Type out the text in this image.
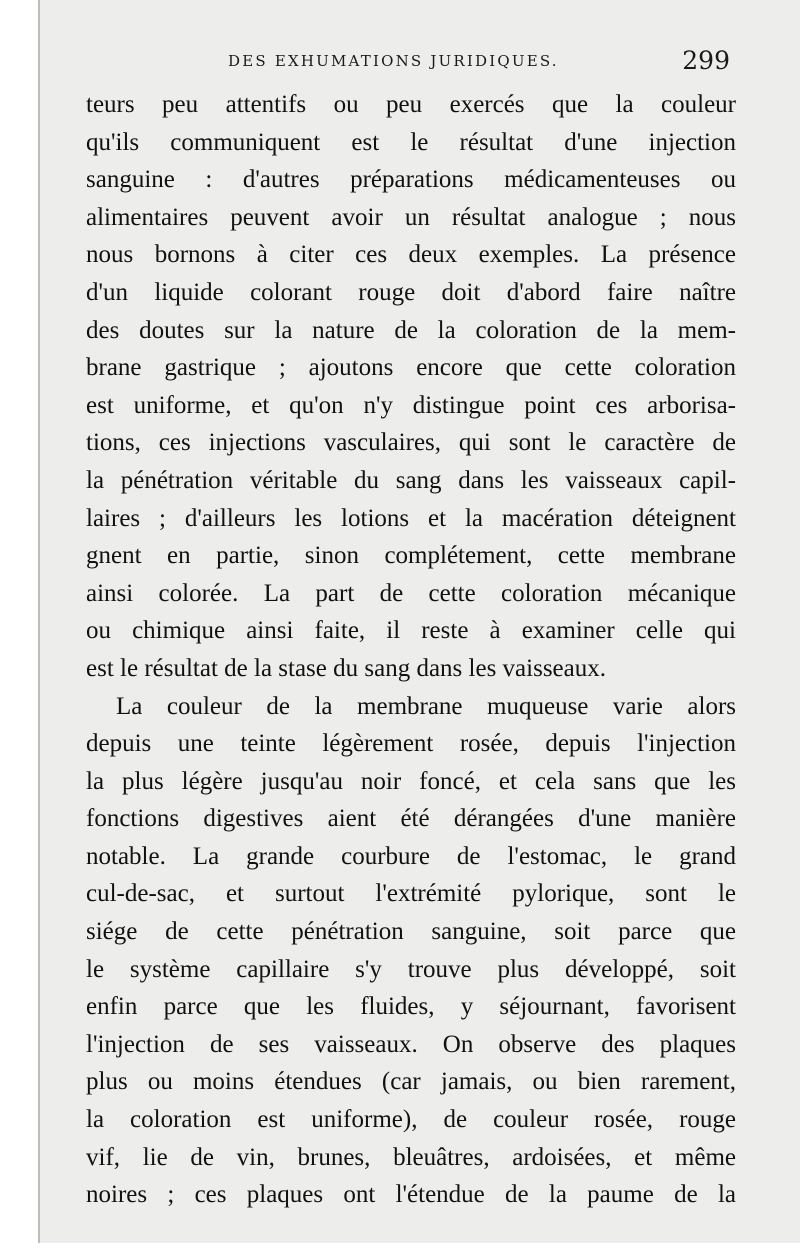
DES EXHUMATIONS JURIDIQUES.	299
teurs peu attentifs ou peu exercés que la couleur
qu'ils communiquent est le résultat d'une injection
sanguine : d'autres préparations médicamenteuses ou
alimentaires peuvent avoir un résultat analogue ; nous
nous bornons à citer ces deux exemples. La présence
d'un liquide colorant rouge doit d'abord faire naître
des doutes sur la nature de la coloration de la mem-
brane gastrique ; ajoutons encore que cette coloration
est uniforme, et qu'on n'y distingue point ces arborisa-
tions, ces injections vasculaires, qui sont le caractère de
la pénétration véritable du sang dans les vaisseaux capil-
laires ; d'ailleurs les lotions et la macération déteignent
gnent en partie, sinon complétement, cette membrane
ainsi colorée. La part de cette coloration mécanique
ou chimique ainsi faite, il reste à examiner celle qui
est le résultat de la stase du sang dans les vaisseaux.
La couleur de la membrane muqueuse varie alors
depuis une teinte légèrement rosée, depuis l'injection
la plus légère jusqu'au noir foncé, et cela sans que les
fonctions digestives aient été dérangées d'une manière
notable. La grande courbure de l'estomac, le grand
cul-de-sac, et surtout l'extrémité pylorique, sont le
siége de cette pénétration sanguine, soit parce que
le système capillaire s'y trouve plus développé, soit
enfin parce que les fluides, y séjournant, favorisent
l'injection de ses vaisseaux. On observe des plaques
plus ou moins étendues (car jamais, ou bien rarement,
la coloration est uniforme), de couleur rosée, rouge
vif, lie de vin, brunes, bleuâtres, ardoisées, et même
noires ; ces plaques ont l'étendue de la paume de la
